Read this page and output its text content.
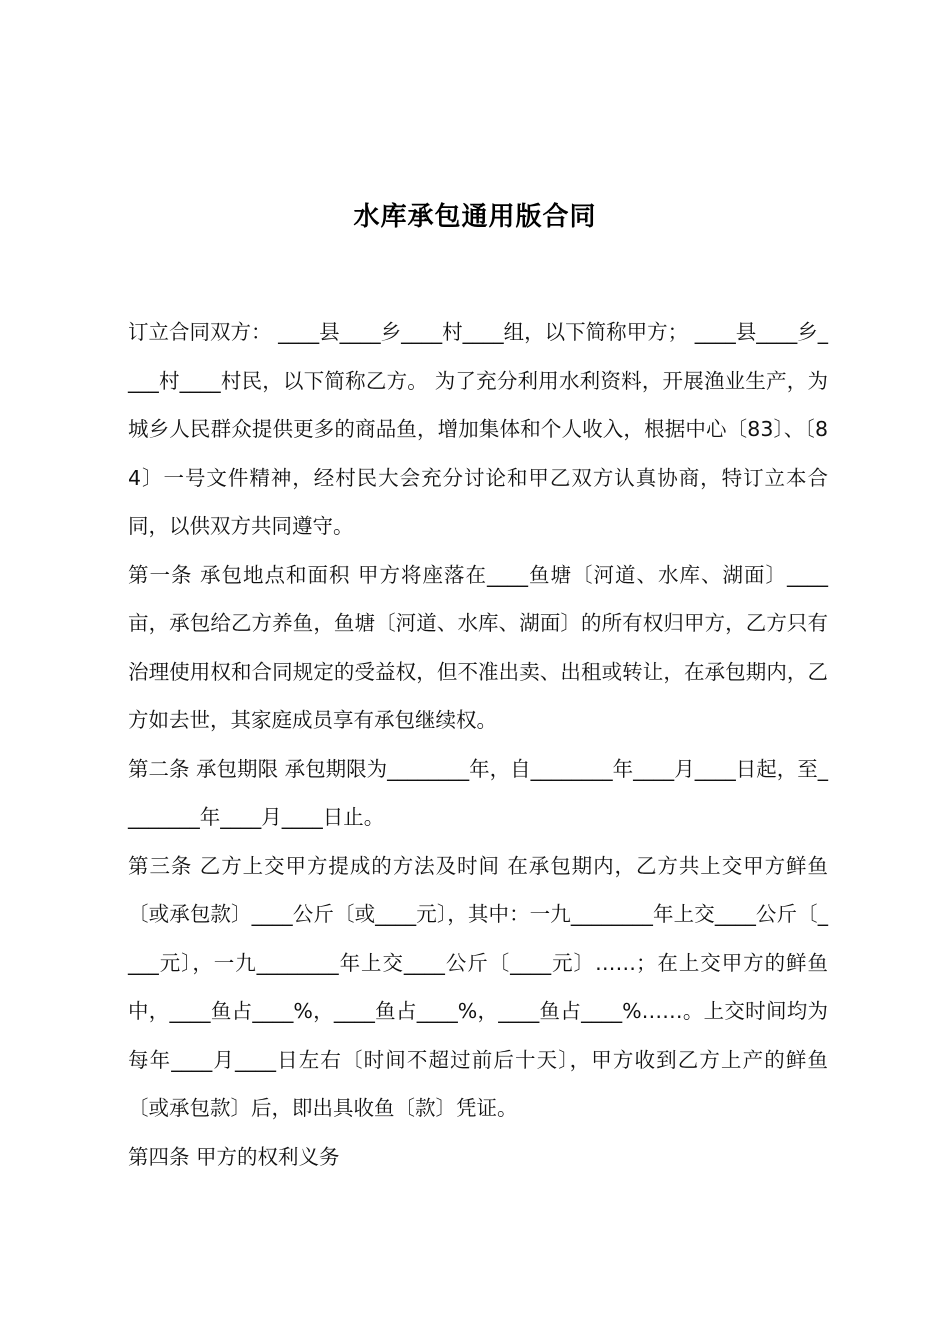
水库承包通用版合同

订立合同双方： ____县____乡____村____组，以下简称甲方； ____县____乡____村____村民，以下简称乙方。 为了充分利用水利资料，开展渔业生产，为城乡人民群众提供更多的商品鱼，增加集体和个人收入，根据中心〔83〕、〔84〕一号文件精神，经村民大会充分讨论和甲乙双方认真协商，特订立本合同，以供双方共同遵守。

第一条 承包地点和面积 甲方将座落在____鱼塘〔河道、水库、湖面〕____亩，承包给乙方养鱼，鱼塘〔河道、水库、湖面〕的所有权归甲方，乙方只有治理使用权和合同规定的受益权，但不准出卖、出租或转让，在承包期内，乙方如去世，其家庭成员享有承包继续权。

第二条 承包期限 承包期限为________年，自________年____月____日起，至________年____月____日止。

第三条 乙方上交甲方提成的方法及时间 在承包期内，乙方共上交甲方鲜鱼〔或承包款〕____公斤〔或____元〕，其中：一九________年上交____公斤〔____元〕，一九________年上交____公斤〔____元〕……；在上交甲方的鲜鱼中，____鱼占____%，____鱼占____%，____鱼占____%……。上交时间均为每年____月____日左右〔时间不超过前后十天〕，甲方收到乙方上产的鲜鱼〔或承包款〕后，即出具收鱼〔款〕凭证。

第四条 甲方的权利义务
